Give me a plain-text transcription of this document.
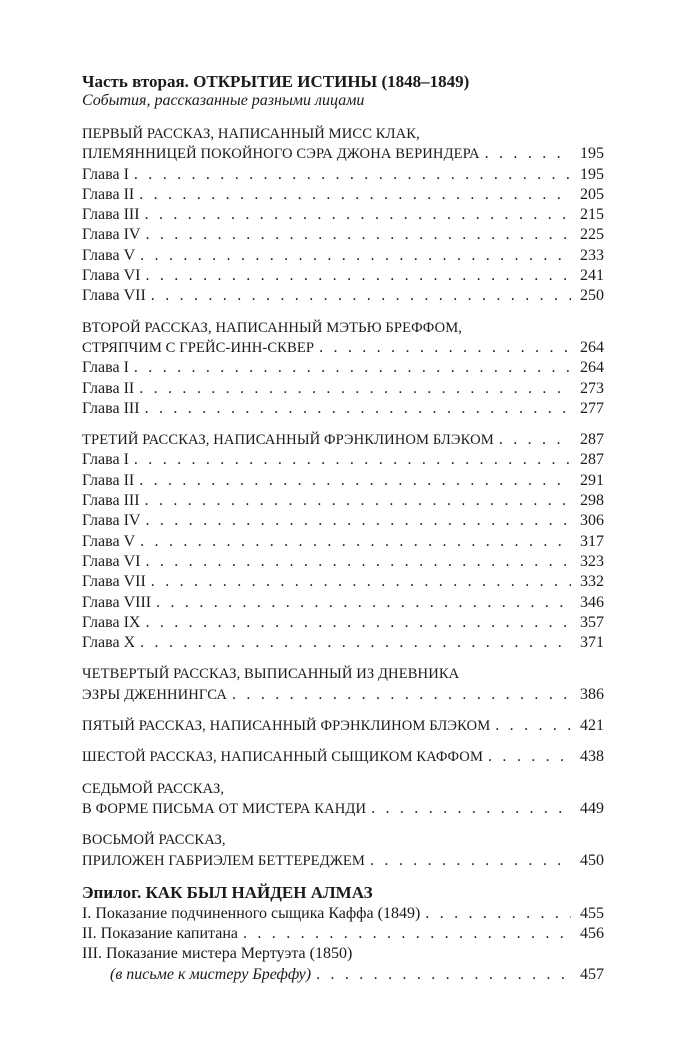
Часть вторая. ОТКРЫТИЕ ИСТИНЫ (1848–1849)

События, рассказанные разными лицами

ПЕРВЫЙ РАССКАЗ, НАПИСАННЫЙ МИСС КЛАК,
ПЛЕМЯННИЦЕЙ ПОКОЙНОГО СЭРА ДЖОНА ВЕРИНДЕРА . . .	195
Глава I . . .	195
Глава II . . .	205
Глава III . . .	215
Глава IV . . .	225
Глава V . . .	233
Глава VI . . .	241
Глава VII . . .	250
ВТОРОЙ РАССКАЗ, НАПИСАННЫЙ МЭТЬЮ БРЕФФОМ,
СТРЯПЧИМ С ГРЕЙС-ИНН-СКВЕР . . .	264
Глава I . . .	264
Глава II . . .	273
Глава III . . .	277
ТРЕТИЙ РАССКАЗ, НАПИСАННЫЙ ФРЭНКЛИНОМ БЛЭКОМ . . .	287
Глава I . . .	287
Глава II . . .	291
Глава III . . .	298
Глава IV . . .	306
Глава V . . .	317
Глава VI . . .	323
Глава VII . . .	332
Глава VIII . . .	346
Глава IX . . .	357
Глава X . . .	371
ЧЕТВЕРТЫЙ РАССКАЗ, ВЫПИСАННЫЙ ИЗ ДНЕВНИКА
ЭЗРЫ ДЖЕННИНГСА . . .	386
ПЯТЫЙ РАССКАЗ, НАПИСАННЫЙ ФРЭНКЛИНОМ БЛЭКОМ . . .	421
ШЕСТОЙ РАССКАЗ, НАПИСАННЫЙ СЫЩИКОМ КАФФОМ . . .	438
СЕДЬМОЙ РАССКАЗ,
В ФОРМЕ ПИСЬМА ОТ МИСТЕРА КАНДИ . . .	449
ВОСЬМОЙ РАССКАЗ,
ПРИЛОЖЕН ГАБРИЭЛЕМ БЕТТЕРЕДЖЕМ . . .	450

Эпилог. КАК БЫЛ НАЙДЕН АЛМАЗ

I. Показание подчиненного сыщика Каффа (1849) . . .	455
II. Показание капитана . . .	456
III. Показание мистера Мертуэта (1850)
(в письме к мистеру Бреффу) . . .	457
